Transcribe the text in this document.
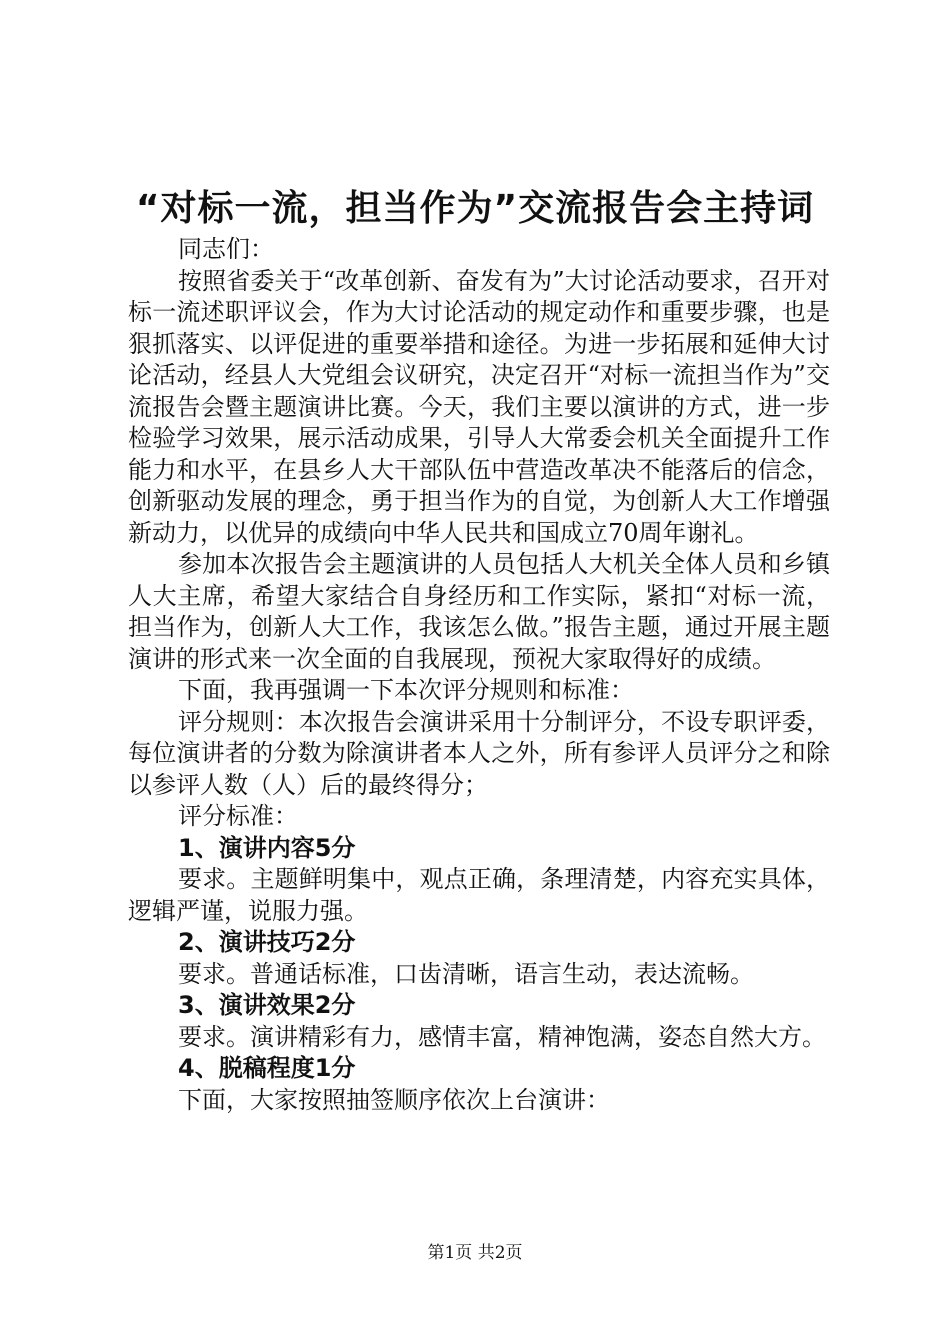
“对标一流，担当作为”交流报告会主持词

同志们：

按照省委关于“改革创新、奋发有为”大讨论活动要求，召开对标一流述职评议会，作为大讨论活动的规定动作和重要步骤，也是狠抓落实、以评促进的重要举措和途径。为进一步拓展和延伸大讨论活动，经县人大党组会议研究，决定召开“对标一流担当作为”交流报告会暨主题演讲比赛。今天，我们主要以演讲的方式，进一步检验学习效果，展示活动成果，引导人大常委会机关全面提升工作能力和水平，在县乡人大干部队伍中营造改革决不能落后的信念，创新驱动发展的理念，勇于担当作为的自觉，为创新人大工作增强新动力，以优异的成绩向中华人民共和国成立70周年谢礼。

参加本次报告会主题演讲的人员包括人大机关全体人员和乡镇人大主席，希望大家结合自身经历和工作实际，紧扣“对标一流，担当作为，创新人大工作，我该怎么做。”报告主题，通过开展主题演讲的形式来一次全面的自我展现，预祝大家取得好的成绩。

下面，我再强调一下本次评分规则和标准：

评分规则：本次报告会演讲采用十分制评分，不设专职评委，每位演讲者的分数为除演讲者本人之外，所有参评人员评分之和除以参评人数（人）后的最终得分；

评分标准：

1、演讲内容5分

要求。主题鲜明集中，观点正确，条理清楚，内容充实具体，逻辑严谨，说服力强。

2、演讲技巧2分

要求。普通话标准，口齿清晰，语言生动，表达流畅。

3、演讲效果2分

要求。演讲精彩有力，感情丰富，精神饱满，姿态自然大方。

4、脱稿程度1分

下面，大家按照抽签顺序依次上台演讲：

第1页 共2页
